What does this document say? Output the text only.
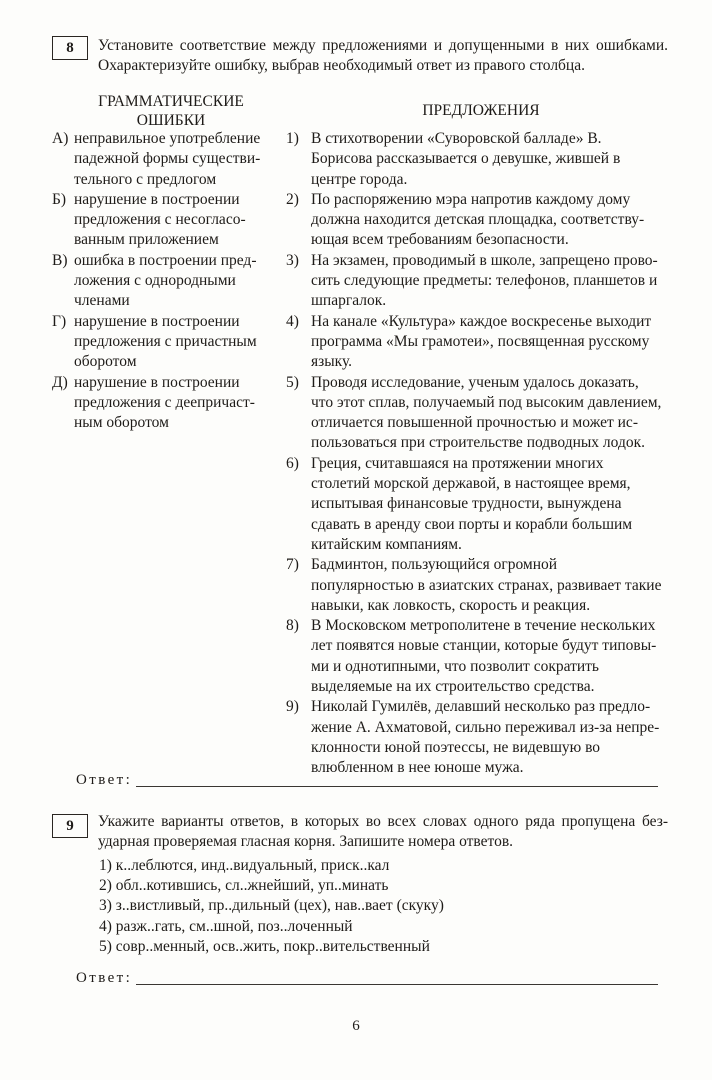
8	Установите соответствие между предложениями и допущенными в них ошибками.
Охарактеризуйте ошибку, выбрав необходимый ответ из правого столбца.
ГРАММАТИЧЕСКИЕ
ОШИБКИ
ПРЕДЛОЖЕНИЯ
А) неправильное употребление падежной формы существительного с предлогом
Б) нарушение в построении предложения с несогласованным приложением
В) ошибка в построении предложения с однородными членами
Г) нарушение в построении предложения с причастным оборотом
Д) нарушение в построении предложения с деепричастным оборотом
1) В стихотворении «Суворовской балладе» В. Борисова рассказывается о девушке, жившей в центре города.
2) По распоряжению мэра напротив каждому дому должна находится детская площадка, соответствующая всем требованиям безопасности.
3) На экзамен, проводимый в школе, запрещено провосить следующие предметы: телефонов, планшетов и шпаргалок.
4) На канале «Культура» каждое воскресенье выходит программа «Мы грамотеи», посвященная русскому языку.
5) Проводя исследование, ученым удалось доказать, что этот сплав, получаемый под высоким давлением, отличается повышенной прочностью и может использоваться при строительстве подводных лодок.
6) Греция, считавшаяся на протяжении многих столетий морской державой, в настоящее время, испытывая финансовые трудности, вынуждена сдавать в аренду свои порты и корабли большим китайским компаниям.
7) Бадминтон, пользующийся огромной популярностью в азиатских странах, развивает такие навыки, как ловкость, скорость и реакция.
8) В Московском метрополитене в течение нескольких лет появятся новые станции, которые будут типовыми и однотипными, что позволит сократить выделяемые на их строительство средства.
9) Николай Гумилёв, делавший несколько раз предложение А. Ахматовой, сильно переживал из-за непреклонности юной поэтессы, не видевшую во влюбленном в нее юноше мужа.
Ответ:
9	Укажите варианты ответов, в которых во всех словах одного ряда пропущена без-
ударная проверяемая гласная корня. Запишите номера ответов.
1) к..леблются, инд..видуальный, приск..кал
2) обл..котившись, сл..жнейший, уп..минать
3) з..вистливый, пр..дильный (цех), нав..вает (скуку)
4) разж..гать, см..шной, поз..лоченный
5) совр..менный, осв..жить, покр..вительственный
Ответ:
6
